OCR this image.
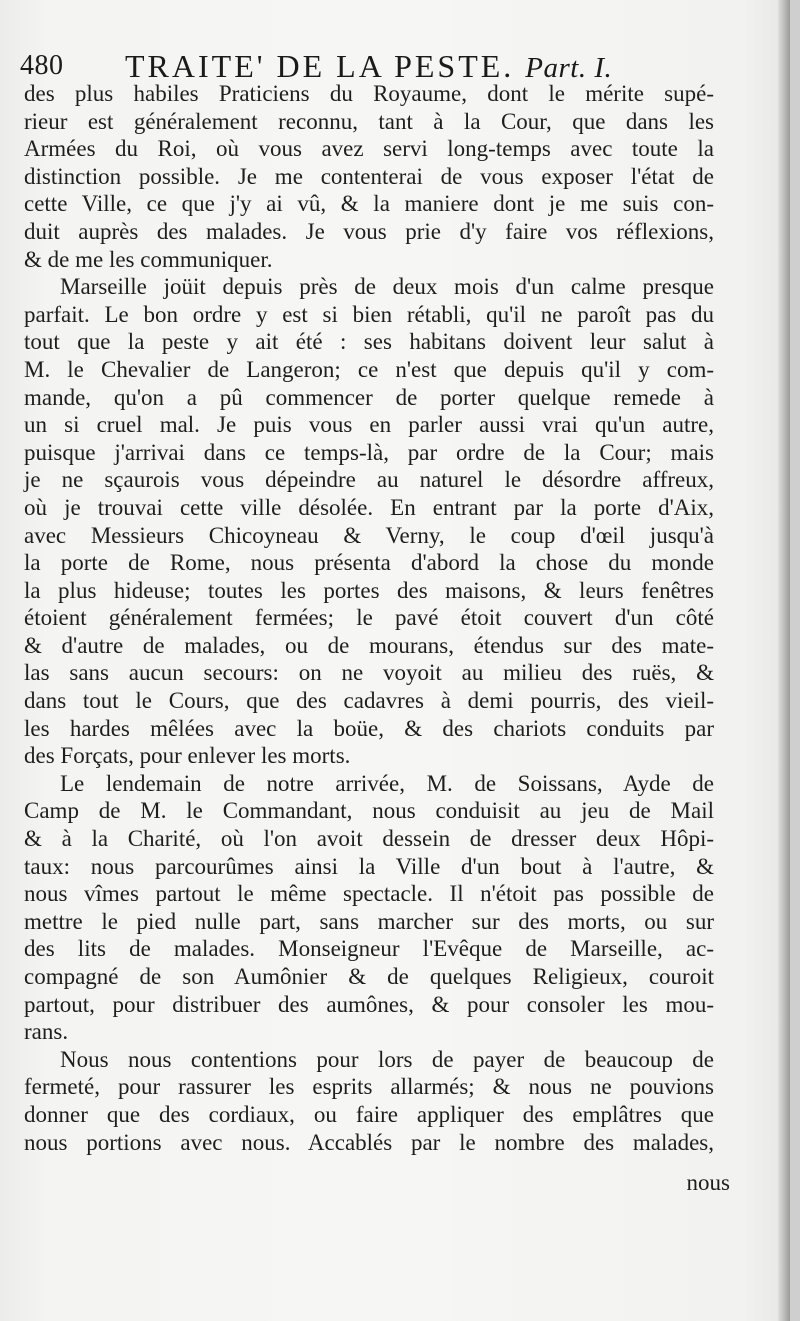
480 TRAITE' DE LA PESTE. Part. I.
des plus habiles Praticiens du Royaume, dont le mérite supé-
rieur est généralement reconnu, tant à la Cour, que dans les
Armées du Roi, où vous avez servi long-temps avec toute la
distinction possible. Je me contenterai de vous exposer l'état de
cette Ville, ce que j'y ai vû, & la maniere dont je me suis con-
duit auprès des malades. Je vous prie d'y faire vos réflexions,
& de me les communiquer.
Marseille joüit depuis près de deux mois d'un calme presque
parfait. Le bon ordre y est si bien rétabli, qu'il ne paroît pas du
tout que la peste y ait été : ses habitans doivent leur salut à
M. le Chevalier de Langeron; ce n'est que depuis qu'il y com-
mande, qu'on a pû commencer de porter quelque remede à
un si cruel mal. Je puis vous en parler aussi vrai qu'un autre,
puisque j'arrivai dans ce temps-là, par ordre de la Cour; mais
je ne sçaurois vous dépeindre au naturel le désordre affreux,
où je trouvai cette ville désolée. En entrant par la porte d'Aix,
avec Messieurs Chicoyneau & Verny, le coup d'œil jusqu'à
la porte de Rome, nous présenta d'abord la chose du monde
la plus hideuse; toutes les portes des maisons, & leurs fenêtres
étoient généralement fermées; le pavé étoit couvert d'un côté
& d'autre de malades, ou de mourans, étendus sur des mate-
las sans aucun secours: on ne voyoit au milieu des ruës, &
dans tout le Cours, que des cadavres à demi pourris, des vieil-
les hardes mêlées avec la boüe, & des chariots conduits par
des Forçats, pour enlever les morts.
Le lendemain de notre arrivée, M. de Soissans, Ayde de
Camp de M. le Commandant, nous conduisit au jeu de Mail
& à la Charité, où l'on avoit dessein de dresser deux Hôpi-
taux: nous parcourûmes ainsi la Ville d'un bout à l'autre, &
nous vîmes partout le même spectacle. Il n'étoit pas possible de
mettre le pied nulle part, sans marcher sur des morts, ou sur
des lits de malades. Monseigneur l'Evêque de Marseille, ac-
compagné de son Aumônier & de quelques Religieux, couroit
partout, pour distribuer des aumônes, & pour consoler les mou-
rans.
Nous nous contentions pour lors de payer de beaucoup de
fermeté, pour rassurer les esprits allarmés; & nous ne pouvions
donner que des cordiaux, ou faire appliquer des emplâtres que
nous portions avec nous. Accablés par le nombre des malades,
nous
